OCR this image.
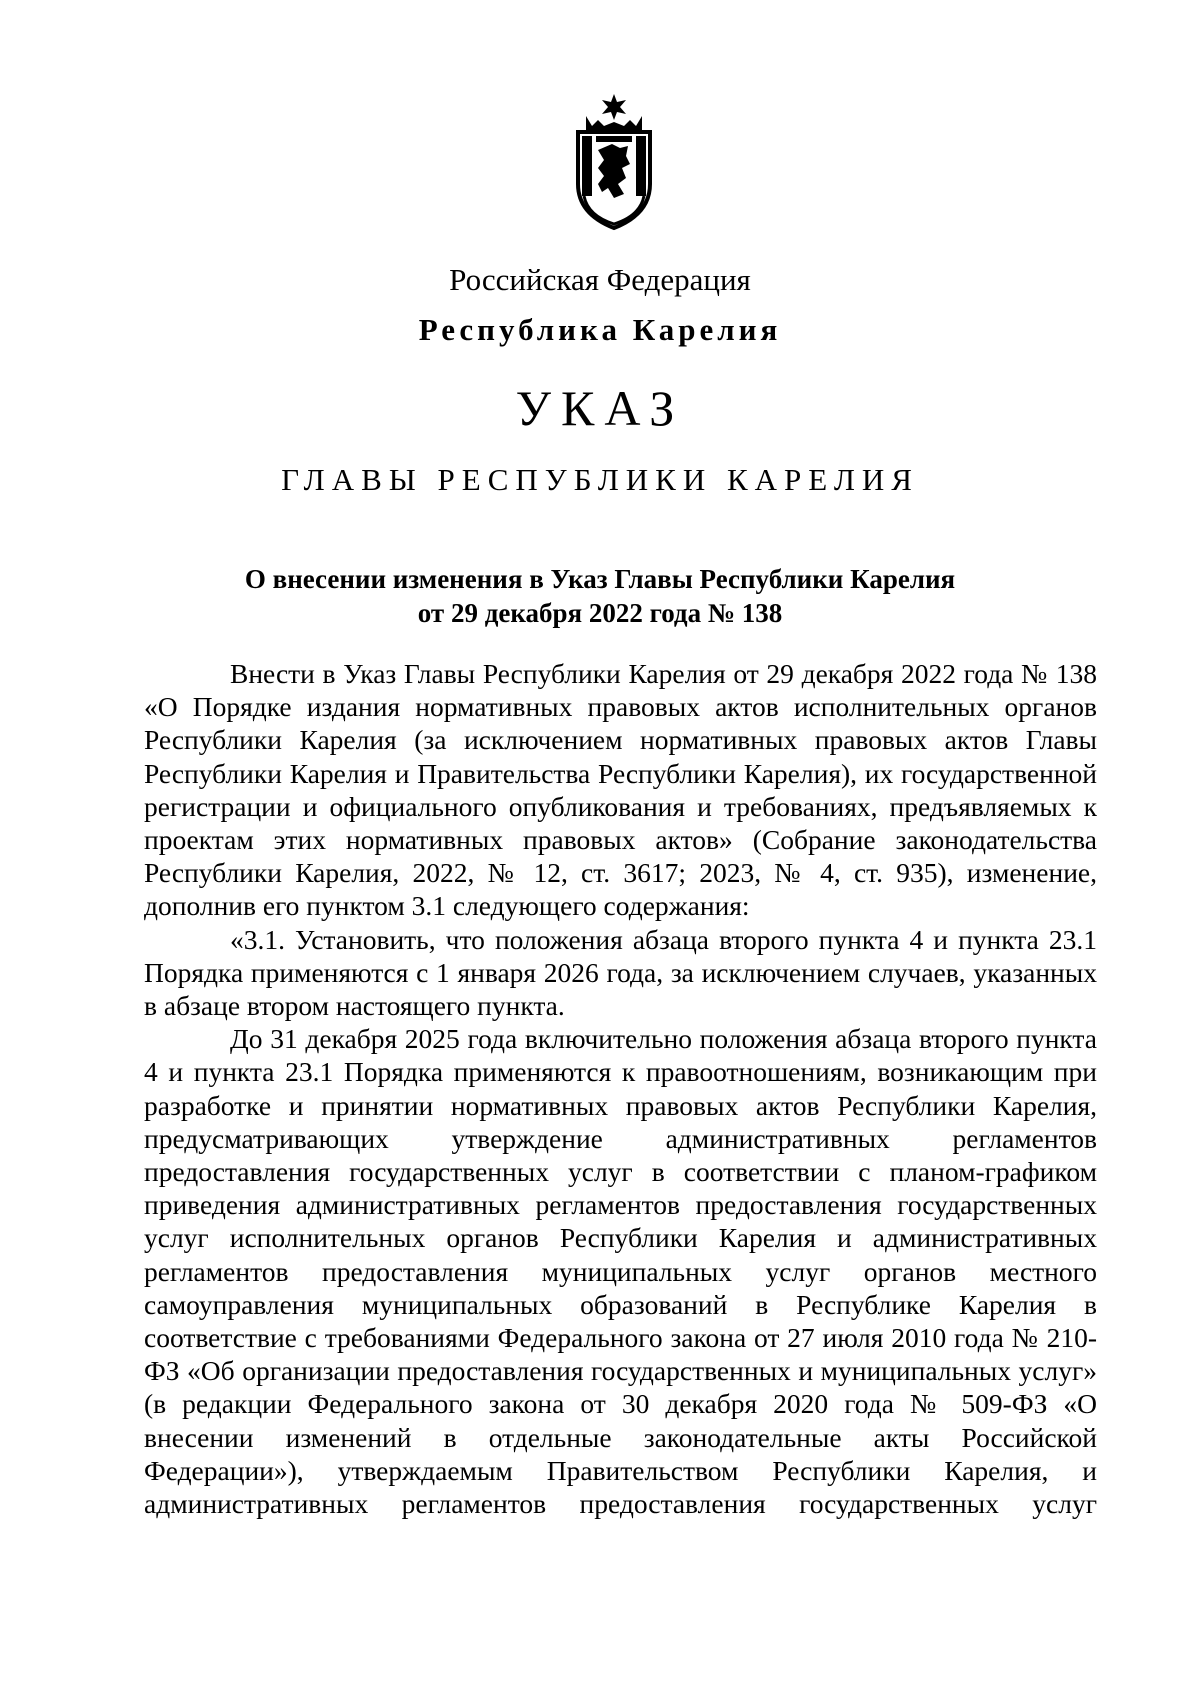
Российская Федерация
Республика Карелия
УКАЗ
ГЛАВЫ РЕСПУБЛИКИ КАРЕЛИЯ
О внесении изменения в Указ Главы Республики Карелия
от 29 декабря 2022 года № 138

Внести в Указ Главы Республики Карелия от 29 декабря 2022 года № 138 «О Порядке издания нормативных правовых актов исполнительных органов Республики Карелия (за исключением нормативных правовых актов Главы Республики Карелия и Правительства Республики Карелия), их государственной регистрации и официального опубликования и требованиях, предъявляемых к проектам этих нормативных правовых актов» (Собрание законодательства Республики Карелия, 2022, № 12, ст. 3617; 2023, № 4, ст. 935), изменение, дополнив его пунктом 3.1 следующего содержания:

«3.1. Установить, что положения абзаца второго пункта 4 и пункта 23.1 Порядка применяются с 1 января 2026 года, за исключением случаев, указанных в абзаце втором настоящего пункта.

До 31 декабря 2025 года включительно положения абзаца второго пункта 4 и пункта 23.1 Порядка применяются к правоотношениям, возникающим при разработке и принятии нормативных правовых актов Республики Карелия, предусматривающих утверждение административных регламентов предоставления государственных услуг в соответствии с планом-графиком приведения административных регламентов предоставления государственных услуг исполнительных органов Республики Карелия и административных регламентов предоставления муниципальных услуг органов местного самоуправления муниципальных образований в Республике Карелия в соответствие с требованиями Федерального закона от 27 июля 2010 года № 210-ФЗ «Об организации предоставления государственных и муниципальных услуг» (в редакции Федерального закона от 30 декабря 2020 года № 509-ФЗ «О внесении изменений в отдельные законодательные акты Российской Федерации»), утверждаемым Правительством Республики Карелия, и административных регламентов предоставления государственных услуг
